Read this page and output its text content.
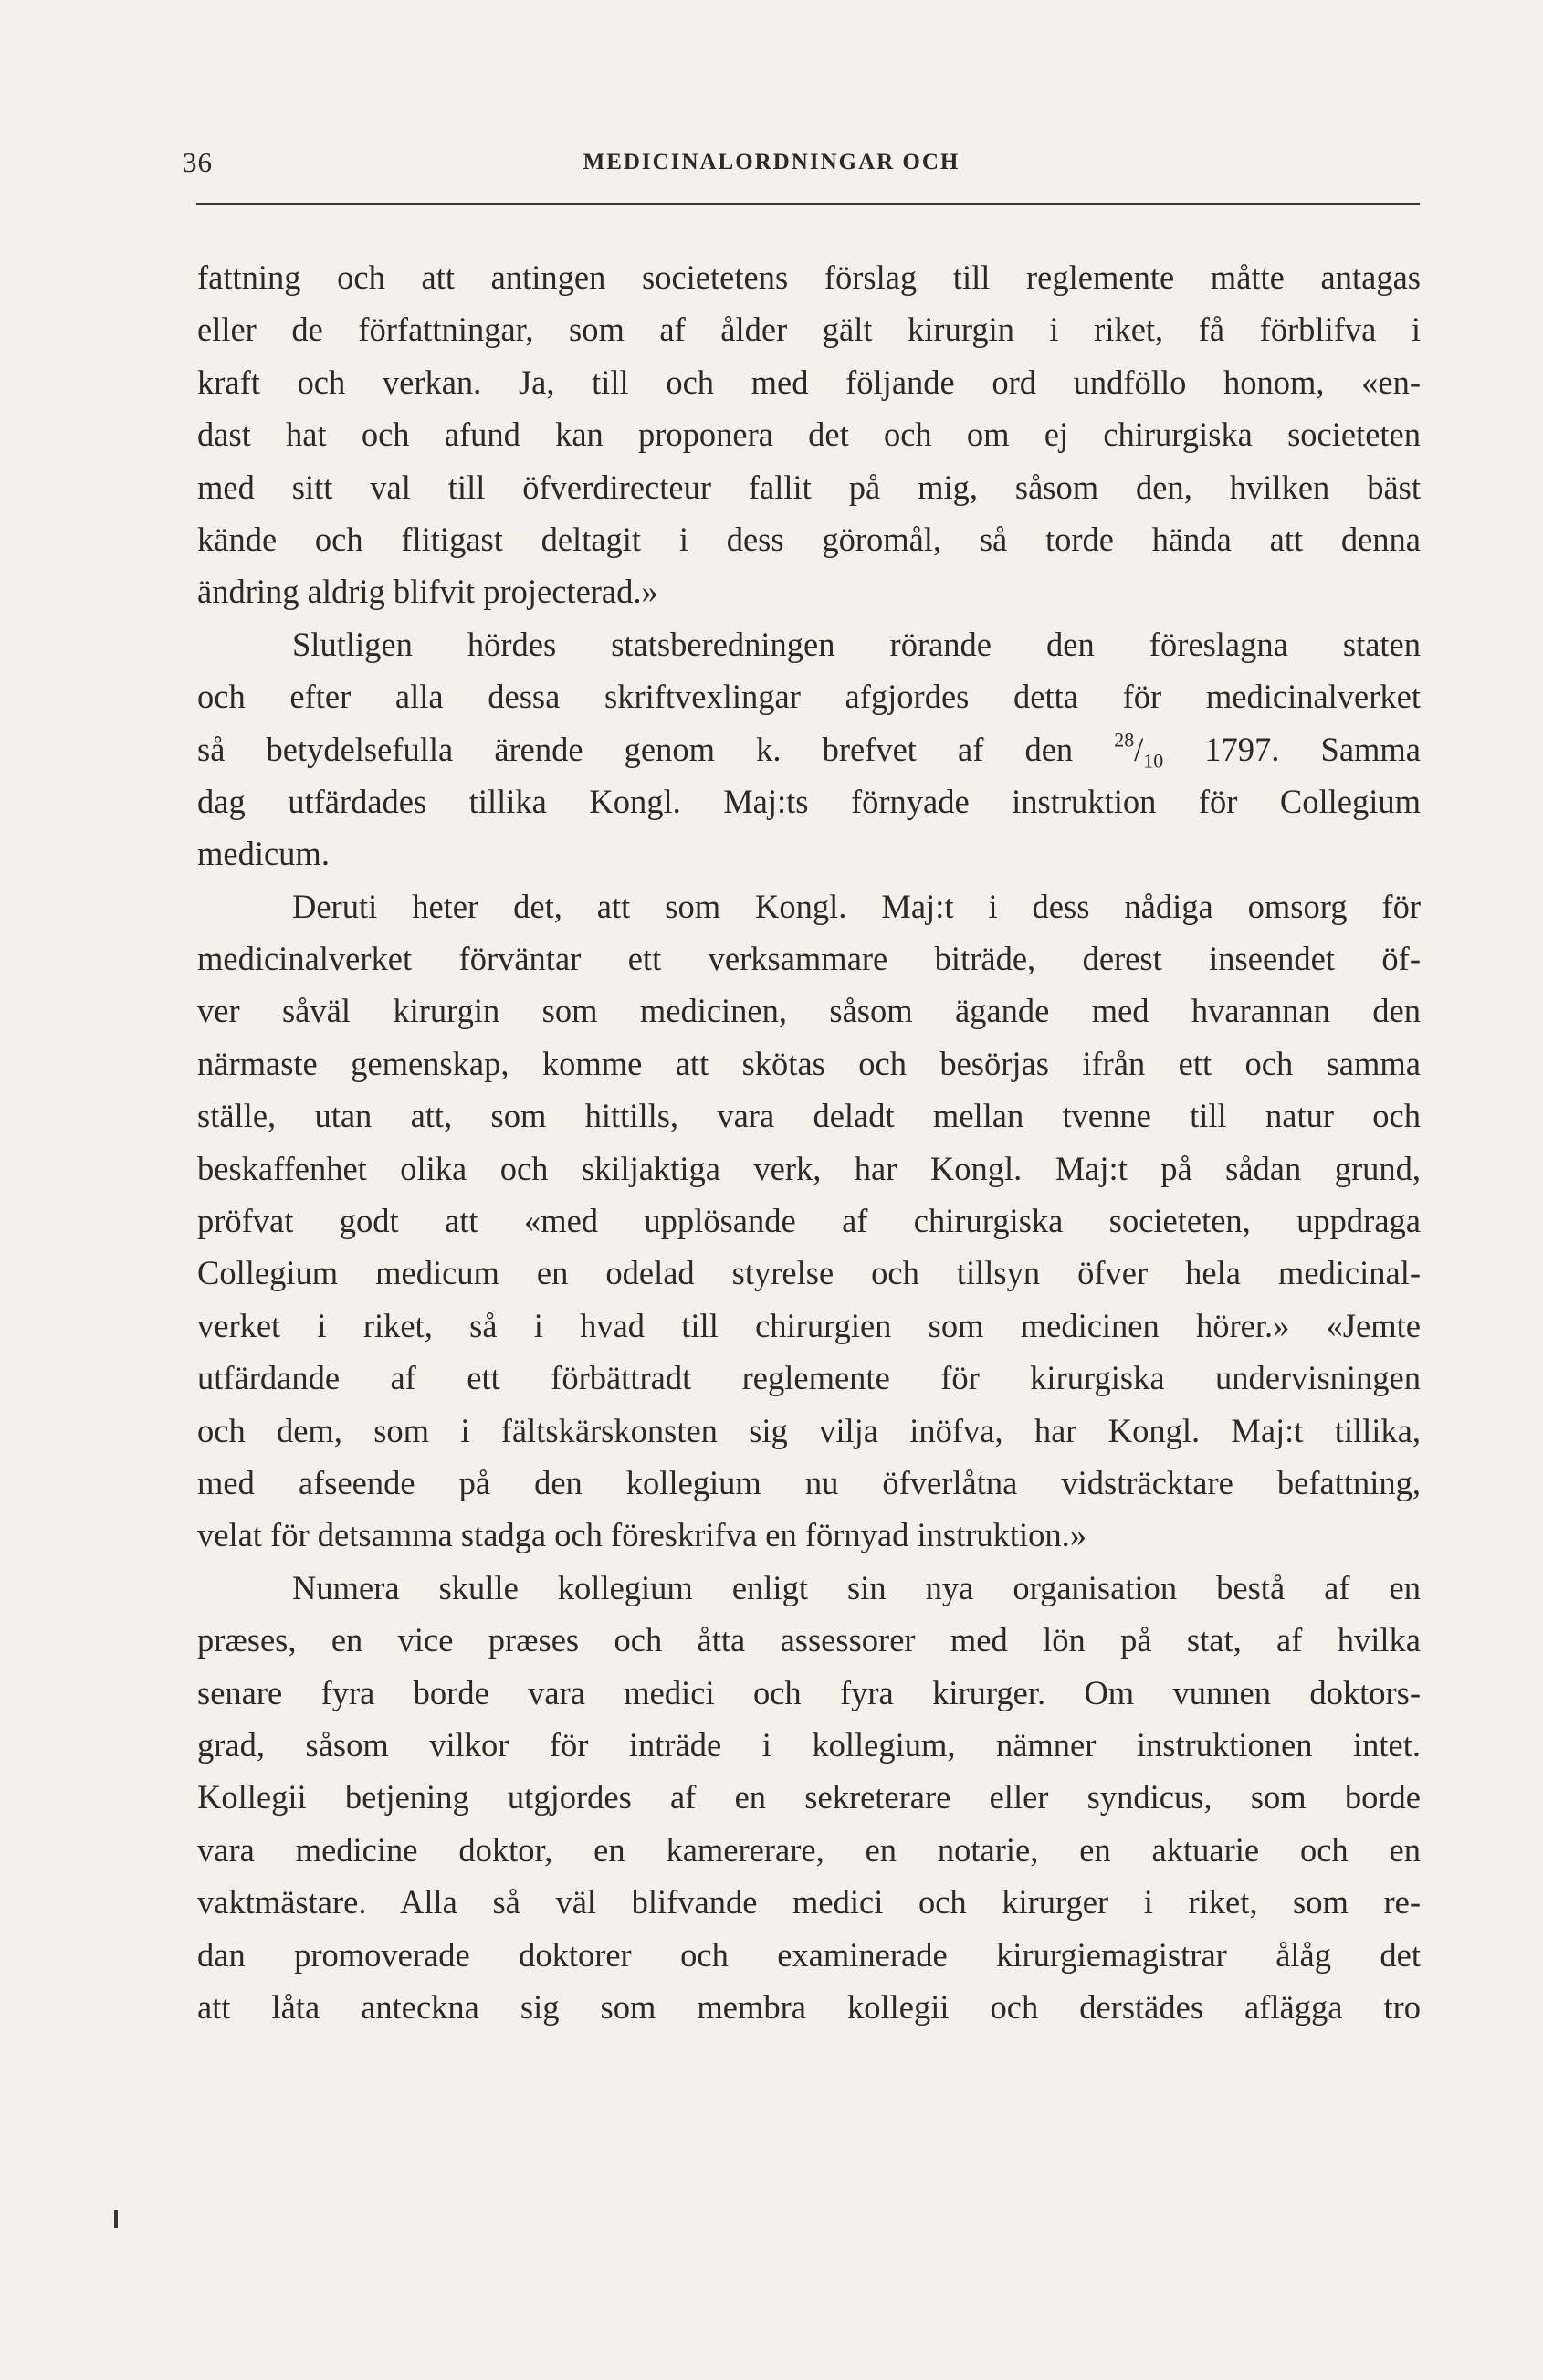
36	MEDICINALORDNINGAR OCH
fattning och att antingen societetens förslag till reglemente måtte antagas
eller de författningar, som af ålder gält kirurgin i riket, få förblifva i
kraft och verkan. Ja, till och med följande ord undföllo honom, «en-
dast hat och afund kan proponera det och om ej chirurgiska societeten
med sitt val till öfverdirecteur fallit på mig, såsom den, hvilken bäst
kände och flitigast deltagit i dess göromål, så torde hända att denna
ändring aldrig blifvit projecterad.»
Slutligen hördes statsberedningen rörande den föreslagna staten
och efter alla dessa skriftvexlingar afgjordes detta för medicinalverket
så betydelsefulla ärende genom k. brefvet af den $^{28}/_{10}$ 1797. Samma
dag utfärdades tillika Kongl. Maj:ts förnyade instruktion för Collegium
medicum.
Deruti heter det, att som Kongl. Maj:t i dess nådiga omsorg för
medicinalverket förväntar ett verksammare biträde, derest inseendet öf-
ver såväl kirurgin som medicinen, såsom ägande med hvarannan den
närmaste gemenskap, komme att skötas och besörjas ifrån ett och samma
ställe, utan att, som hittills, vara deladt mellan tvenne till natur och
beskaffenhet olika och skiljaktiga verk, har Kongl. Maj:t på sådan grund,
pröfvat godt att «med upplösande af chirurgiska societeten, uppdraga
Collegium medicum en odelad styrelse och tillsyn öfver hela medicinal-
verket i riket, så i hvad till chirurgien som medicinen hörer.» «Jemte
utfärdande af ett förbättradt reglemente för kirurgiska undervisningen
och dem, som i fältskärskonsten sig vilja inöfva, har Kongl. Maj:t tillika,
med afseende på den kollegium nu öfverlåtna vidsträcktare befattning,
velat för detsamma stadga och föreskrifva en förnyad instruktion.»
Numera skulle kollegium enligt sin nya organisation bestå af en
præses, en vice præses och åtta assessorer med lön på stat, af hvilka
senare fyra borde vara medici och fyra kirurger. Om vunnen doktors-
grad, såsom vilkor för inträde i kollegium, nämner instruktionen intet.
Kollegii betjening utgjordes af en sekreterare eller syndicus, som borde
vara medicine doktor, en kamererare, en notarie, en aktuarie och en
vaktmästare. Alla så väl blifvande medici och kirurger i riket, som re-
dan promoverade doktorer och examinerade kirurgiemagistrar ålåg det
att låta anteckna sig som membra kollegii och derstädes aflägga tro
